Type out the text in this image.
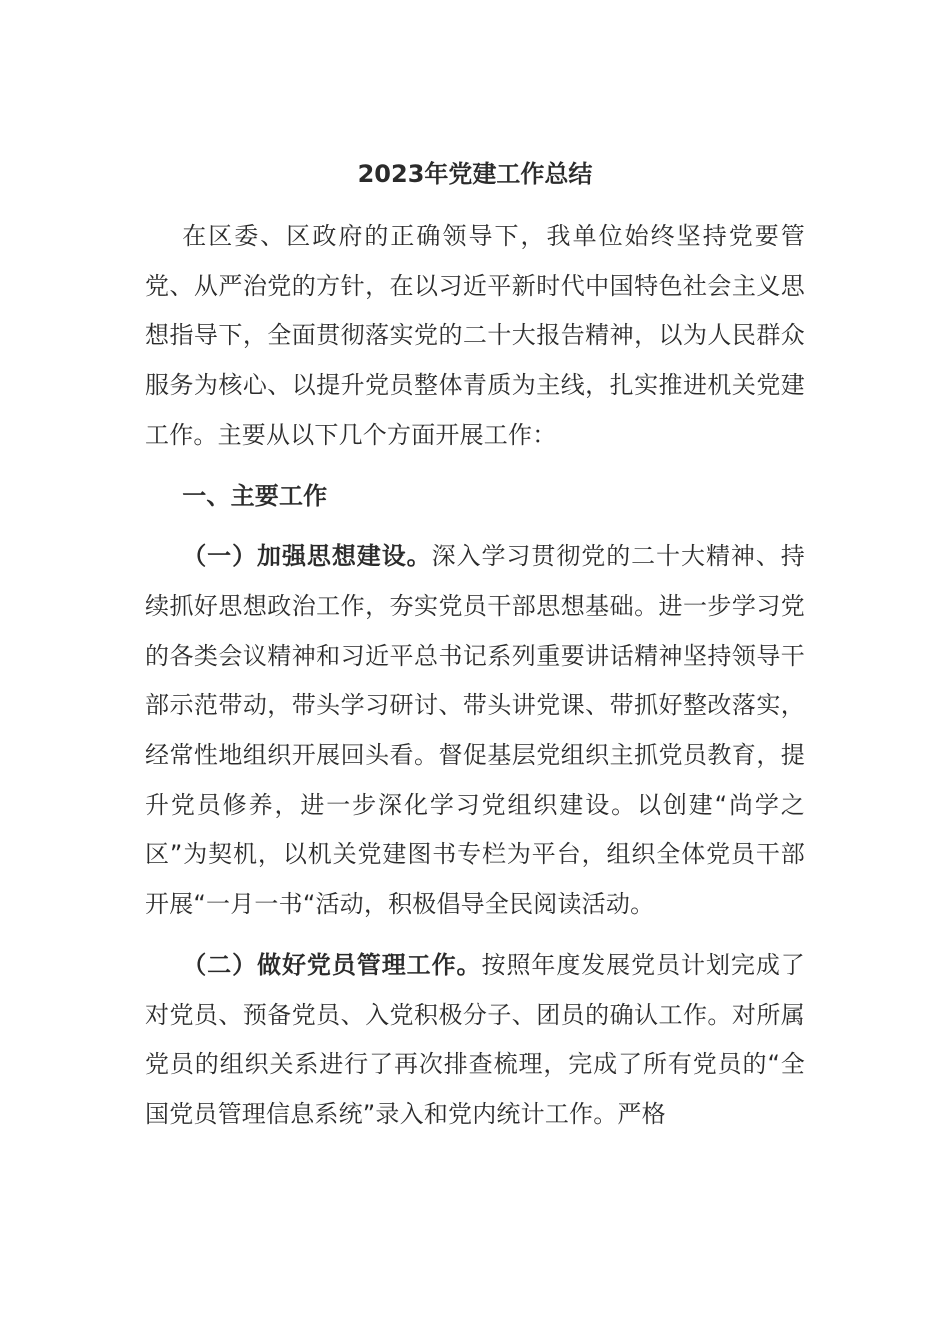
2023年党建工作总结

在区委、区政府的正确领导下，我单位始终坚持党要管党、从严治党的方针，在以习近平新时代中国特色社会主义思想指导下，全面贯彻落实党的二十大报告精神，以为人民群众服务为核心、以提升党员整体青质为主线，扎实推进机关党建工作。主要从以下几个方面开展工作：

一、主要工作

（一）加强思想建设。深入学习贯彻党的二十大精神、持续抓好思想政治工作，夯实党员干部思想基础。进一步学习党的各类会议精神和习近平总书记系列重要讲话精神坚持领导干部示范带动，带头学习研讨、带头讲党课、带抓好整改落实，经常性地组织开展回头看。督促基层党组织主抓党员教育，提升党员修养，进一步深化学习党组织建设。以创建“尚学之区”为契机，以机关党建图书专栏为平台，组织全体党员干部开展“一月一书“活动，积极倡导全民阅读活动。

（二）做好党员管理工作。按照年度发展党员计划完成了对党员、预备党员、入党积极分子、团员的确认工作。对所属党员的组织关系进行了再次排查梳理，完成了所有党员的“全国党员管理信息系统”录入和党内统计工作。严格
